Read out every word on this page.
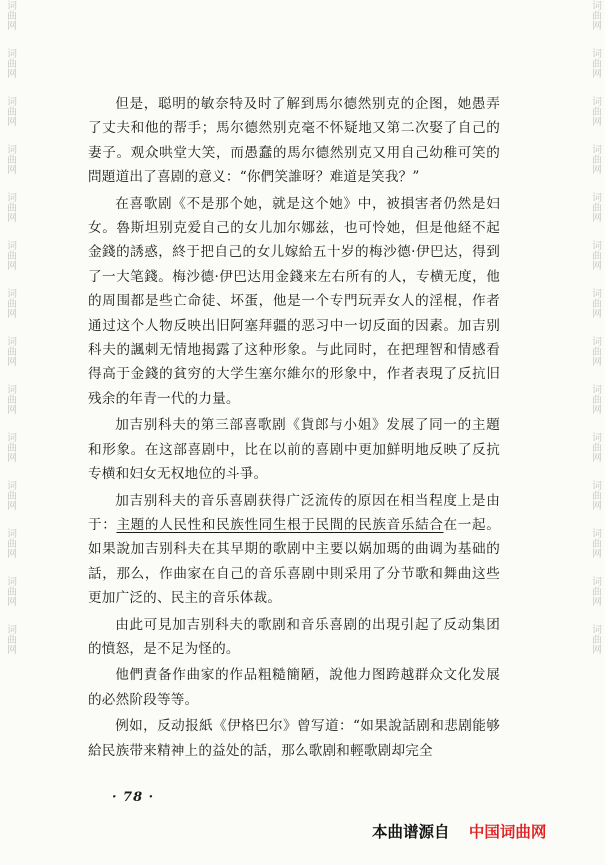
词曲网
词曲网
词曲网
词曲网
词曲网
词曲网
词曲网
词曲网
词曲网
词曲网
词曲网
词曲网
词曲网
词曲网
词曲网
词曲网
词曲网
词曲网
词曲网
词曲网
词曲网
词曲网
词曲网
词曲网
词曲网
词曲网
词曲网
词曲网

但是，聪明的敏奈特及时了解到馬尔德然别克的企图，她愚弄了丈夫和他的帮手；馬尔德然别克毫不怀疑地又第二次娶了自己的妻子。观众哄堂大笑，而愚蠢的馬尔德然别克又用自己幼稚可笑的問題道出了喜剧的意义：“你們笑誰呀？难道是笑我？”

在喜歌剧《不是那个她，就是这个她》中，被損害者仍然是妇女。魯斯坦别克爱自己的女儿加尔娜兹，也可怜她，但是他経不起金錢的誘惑，終于把自己的女儿嫁給五十岁的梅沙德·伊巴达，得到了一大笔錢。梅沙德·伊巴达用金錢来左右所有的人，专横无度，他的周围都是些亡命徒、坏蛋，他是一个专門玩弄女人的淫棍，作者通过这个人物反映出旧阿塞拜疆的恶习中一切反面的因素。加吉别科夫的諷刺无情地揭露了这种形象。与此同时，在把理智和情感看得高于金錢的貧穷的大学生塞尔維尔的形象中，作者表現了反抗旧残余的年青一代的力量。

加吉别科夫的第三部喜歌剧《貨郎与小姐》发展了同一的主題和形象。在这部喜剧中，比在以前的喜剧中更加鮮明地反映了反抗专横和妇女无权地位的斗爭。

加吉别科夫的音乐喜剧获得广泛流传的原因在相当程度上是由于：主題的人民性和民族性同生根于民間的民族音乐結合在一起。如果說加吉别科夫在其早期的歌剧中主要以娲加瑪的曲调为基础的話，那么，作曲家在自己的音乐喜剧中則采用了分节歌和舞曲这些更加广泛的、民主的音乐体裁。

由此可見加吉别科夫的歌剧和音乐喜剧的出現引起了反动集团的憤怒，是不足为怪的。

他們責备作曲家的作品粗糙簡陋，說他力图跨越群众文化发展的必然阶段等等。

例如，反动报紙《伊格巴尔》曾写道：“如果說話剧和悲剧能够給民族带来精神上的益处的話，那么歌剧和輕歌剧却完全

· 78 ·
本曲谱源自 中国词曲网
